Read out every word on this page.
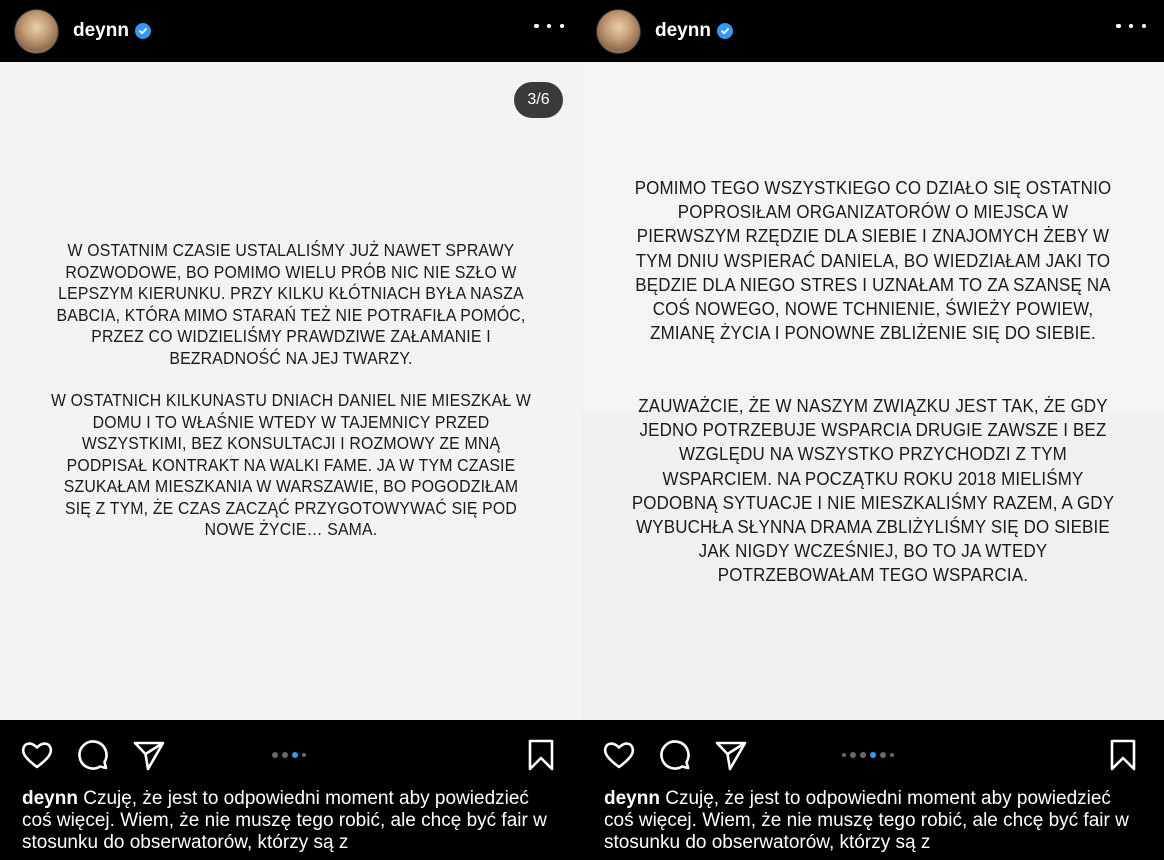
deynn
3/6
W OSTATNIM CZASIE USTALALIŚMY JUŻ NAWET SPRAWY ROZWODOWE, BO POMIMO WIELU PRÓB NIC NIE SZŁO W LEPSZYM KIERUNKU. PRZY KILKU KŁÓTNIACH BYŁA NASZA BABCIA, KTÓRA MIMO STARAŃ TEŻ NIE POTRAFIŁA POMÓC, PRZEZ CO WIDZIELIŚMY PRAWDZIWE ZAŁAMANIE I BEZRADNOŚĆ NA JEJ TWARZY.
W OSTATNICH KILKUNASTU DNIACH DANIEL NIE MIESZKAŁ W DOMU I TO WŁAŚNIE WTEDY W TAJEMNICY PRZED WSZYSTKIMI, BEZ KONSULTACJI I ROZMOWY ZE MNĄ PODPISAŁ KONTRAKT NA WALKI FAME. JA W TYM CZASIE SZUKAŁAM MIESZKANIA W WARSZAWIE, BO POGODZIŁAM SIĘ Z TYM, ŻE CZAS ZACZĄĆ PRZYGOTOWYWAĆ SIĘ POD NOWE ŻYCIE… SAMA.
deynn Czuję, że jest to odpowiedni moment aby powiedzieć coś więcej. Wiem, że nie muszę tego robić, ale chcę być fair w stosunku do obserwatorów, którzy są z
deynn
POMIMO TEGO WSZYSTKIEGO CO DZIAŁO SIĘ OSTATNIO POPROSIŁAM ORGANIZATORÓW O MIEJSCA W PIERWSZYM RZĘDZIE DLA SIEBIE I ZNAJOMYCH ŻEBY W TYM DNIU WSPIERAĆ DANIELA, BO WIEDZIAŁAM JAKI TO BĘDZIE DLA NIEGO STRES I UZNAŁAM TO ZA SZANSĘ NA COŚ NOWEGO, NOWE TCHNIENIE, ŚWIEŻY POWIEW, ZMIANĘ ŻYCIA I PONOWNE ZBLIŻENIE SIĘ DO SIEBIE.
ZAUWAŻCIE, ŻE W NASZYM ZWIĄZKU JEST TAK, ŻE GDY JEDNO POTRZEBUJE WSPARCIA DRUGIE ZAWSZE I BEZ WZGLĘDU NA WSZYSTKO PRZYCHODZI Z TYM WSPARCIEM. NA POCZĄTKU ROKU 2018 MIELIŚMY PODOBNĄ SYTUACJE I NIE MIESZKALIŚMY RAZEM, A GDY WYBUCHŁA SŁYNNA DRAMA ZBLIŻYLIŚMY SIĘ DO SIEBIE JAK NIGDY WCZEŚNIEJ, BO TO JA WTEDY POTRZEBOWAŁAM TEGO WSPARCIA.
deynn Czuję, że jest to odpowiedni moment aby powiedzieć coś więcej. Wiem, że nie muszę tego robić, ale chcę być fair w stosunku do obserwatorów, którzy są z
